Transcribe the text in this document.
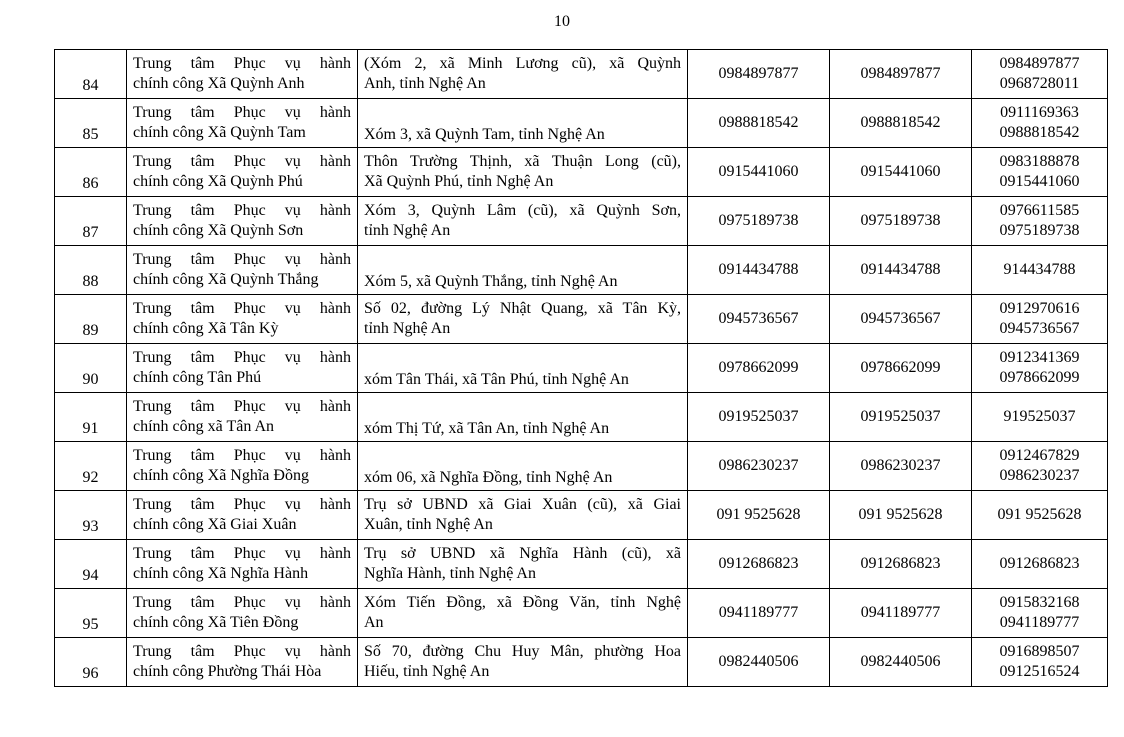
10
84	Trung tâm Phục vụ hành
chính công Xã Quỳnh Anh	(Xóm 2, xã Minh Lương cũ), xã Quỳnh
Anh, tỉnh Nghệ An	0984897877	0984897877	0984897877
0968728011

85	Trung tâm Phục vụ hành
chính công Xã Quỳnh Tam	Xóm 3, xã Quỳnh Tam, tỉnh Nghệ An	0988818542	0988818542	0911169363
0988818542

86	Trung tâm Phục vụ hành
chính công Xã Quỳnh Phú	Thôn Trường Thịnh, xã Thuận Long (cũ),
Xã Quỳnh Phú, tỉnh Nghệ An	0915441060	0915441060	0983188878
0915441060

87	Trung tâm Phục vụ hành
chính công Xã Quỳnh Sơn	Xóm 3, Quỳnh Lâm (cũ), xã Quỳnh Sơn,
tỉnh Nghệ An	0975189738	0975189738	0976611585
0975189738

88	Trung tâm Phục vụ hành
chính công Xã Quỳnh Thắng	Xóm 5, xã Quỳnh Thắng, tỉnh Nghệ An	0914434788	0914434788	914434788

89	Trung tâm Phục vụ hành
chính công Xã Tân Kỳ	Số 02, đường Lý Nhật Quang, xã Tân Kỳ,
tỉnh Nghệ An	0945736567	0945736567	0912970616
0945736567

90	Trung tâm Phục vụ hành
chính công Tân Phú	xóm Tân Thái, xã Tân Phú, tỉnh Nghệ An	0978662099	0978662099	0912341369
0978662099

91	Trung tâm Phục vụ hành
chính công xã Tân An	xóm Thị Tứ, xã Tân An, tỉnh Nghệ An	0919525037	0919525037	919525037

92	Trung tâm Phục vụ hành
chính công Xã Nghĩa Đồng	xóm 06, xã Nghĩa Đồng, tỉnh Nghệ An	0986230237	0986230237	0912467829
0986230237

93	Trung tâm Phục vụ hành
chính công Xã Giai Xuân	Trụ sở UBND xã Giai Xuân (cũ), xã Giai
Xuân, tỉnh Nghệ An	091 9525628	091 9525628	091 9525628

94	Trung tâm Phục vụ hành
chính công Xã Nghĩa Hành	Trụ sở UBND xã Nghĩa Hành (cũ), xã
Nghĩa Hành, tỉnh Nghệ An	0912686823	0912686823	0912686823

95	Trung tâm Phục vụ hành
chính công Xã Tiên Đồng	Xóm Tiến Đồng, xã Đồng Văn, tỉnh Nghệ
An	0941189777	0941189777	0915832168
0941189777

96	Trung tâm Phục vụ hành
chính công Phường Thái Hòa	Số 70, đường Chu Huy Mân, phường Hoa
Hiếu, tỉnh Nghệ An	0982440506	0982440506	0916898507
0912516524
